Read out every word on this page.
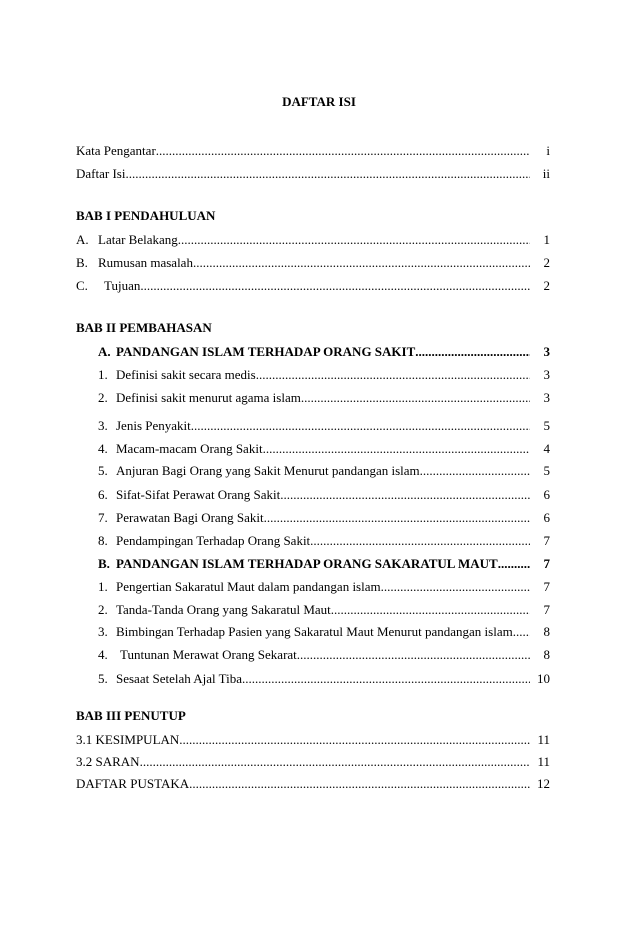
DAFTAR ISI
Kata Pengantar .....	i
Daftar Isi .....	ii
BAB I PENDAHULUAN
A. Latar Belakang .....	1
B. Rumusan masalah .....	2
C.	Tujuan .....	2
BAB II PEMBAHASAN
A. PANDANGAN ISLAM TERHADAP ORANG SAKIT .....	3
1. Definisi sakit secara medis .....	3
2. Definisi sakit menurut agama islam .....	3
3. Jenis Penyakit .....	5
4. Macam-macam Orang Sakit .....	4
5. Anjuran Bagi Orang yang Sakit Menurut pandangan islam .....	5
6. Sifat-Sifat Perawat Orang Sakit .....	6
7. Perawatan Bagi Orang Sakit .....	6
8. Pendampingan Terhadap Orang Sakit .....	7
B. PANDANGAN ISLAM TERHADAP ORANG SAKARATUL MAUT .....	7
1. Pengertian Sakaratul Maut dalam pandangan islam .....	7
2. Tanda-Tanda Orang yang Sakaratul Maut .....	7
3. Bimbingan Terhadap Pasien yang Sakaratul Maut Menurut pandangan islam .....	8
4. Tuntunan Merawat Orang Sekarat .....	8
5. Sesaat Setelah Ajal Tiba .....	10
BAB III PENUTUP
3.1 KESIMPULAN .....	11
3.2 SARAN .....	11
DAFTAR PUSTAKA .....	12
